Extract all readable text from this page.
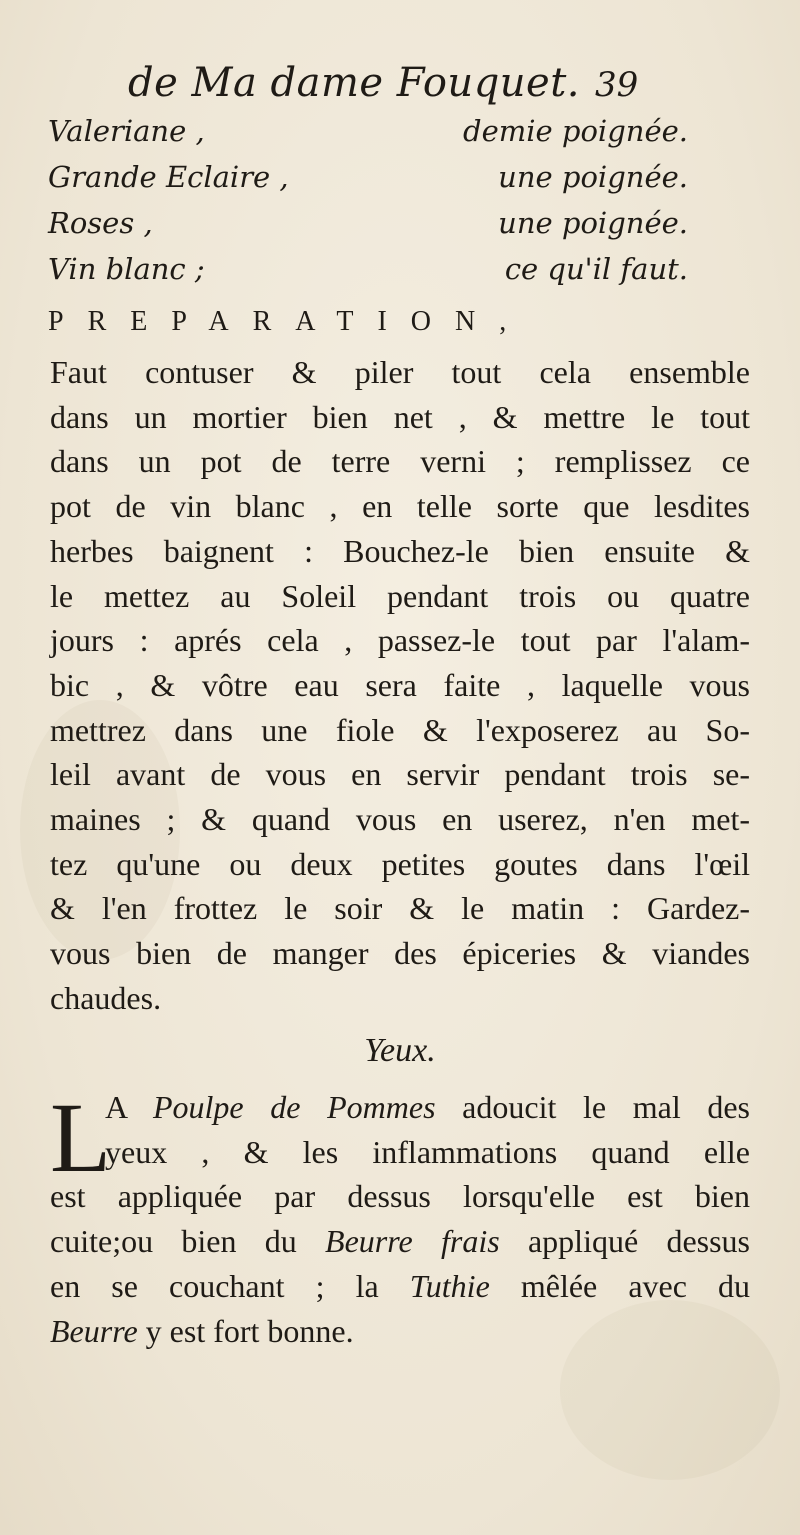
de Ma dame Fouquet. 39
Valeriane ,	demie poignée.
Grande Eclaire ,	une poignée.
Roses ,	une poignée.
Vin blanc ;	ce qu'il faut.
PREPARATION,
Faut contuser & piler tout cela ensemble
dans un mortier bien net , & mettre le tout
dans un pot de terre verni ; remplissez ce
pot de vin blanc , en telle sorte que lesdites
herbes baignent : Bouchez-le bien ensuite &
le mettez au Soleil pendant trois ou quatre
jours : aprés cela , passez-le tout par l'alam-
bic , & vôtre eau sera faite , laquelle vous
mettrez dans une fiole & l'exposerez au So-
leil avant de vous en servir pendant trois se-
maines ; & quand vous en userez, n'en met-
tez qu'une ou deux petites goutes dans l'œil
& l'en frottez le soir & le matin : Gardez-
vous bien de manger des épiceries & viandes
chaudes.
Yeux.
L
A Poulpe de Pommes adoucit le mal des
yeux , & les inflammations quand elle
est appliquée par dessus lorsqu'elle est bien
cuite;ou bien du Beurre frais appliqué dessus
en se couchant ; la Tuthie mêlée avec du
Beurre y est fort bonne.
